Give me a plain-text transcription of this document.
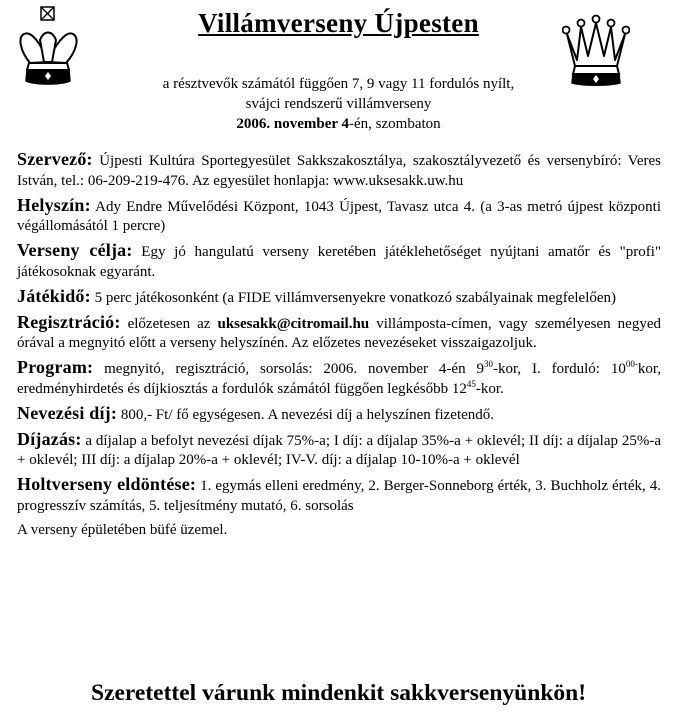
Villámverseny Újpesten
a résztvevők számától függően 7, 9 vagy 11 fordulós nyílt,
svájci rendszerű villámverseny
2006. november 4-én, szombaton

Szervező: Újpesti Kultúra Sportegyesület Sakkszakosztálya, szakosztályvezető és versenybíró: Veres István, tel.: 06-209-219-476. Az egyesület honlapja: www.uksesakk.uw.hu

Helyszín: Ady Endre Művelődési Központ, 1043 Újpest, Tavasz utca 4. (a 3-as metró újpest központi végállomásától 1 percre)

Verseny célja: Egy jó hangulatú verseny keretében játéklehetőséget nyújtani amatőr és "profi" játékosoknak egyaránt.

Játékidő: 5 perc játékosonként (a FIDE villámversenyekre vonatkozó szabályainak megfelelően)

Regisztráció: előzetesen az uksesakk@citromail.hu villámposta-címen, vagy személyesen negyed órával a megnyitó előtt a verseny helyszínén. Az előzetes nevezéseket visszaigazoljuk.

Program: megnyitó, regisztráció, sorsolás: 2006. november 4-én $9^{30}$-kor, I. forduló: $10^{00-}kor$, eredményhirdetés és díjkiosztás a fordulók számától függően legkésőbb $12^{45}$-kor.

Nevezési díj: 800,- Ft/ fő egységesen. A nevezési díj a helyszínen fizetendő.

Díjazás: a díjalap a befolyt nevezési díjak 75%-a; I díj: a díjalap 35%-a + oklevél; II díj: a díjalap 25%-a + oklevél; III díj: a díjalap 20%-a + oklevél; IV-V. díj: a díjalap 10-10%-a + oklevél

Holtverseny eldöntése: 1. egymás elleni eredmény, 2. Berger-Sonneborg érték, 3. Buchholz érték, 4. progresszív számítás, 5. teljesítmény mutató, 6. sorsolás

A verseny épületében büfé üzemel.

Szeretettel várunk mindenkit sakkversenyünkön!
